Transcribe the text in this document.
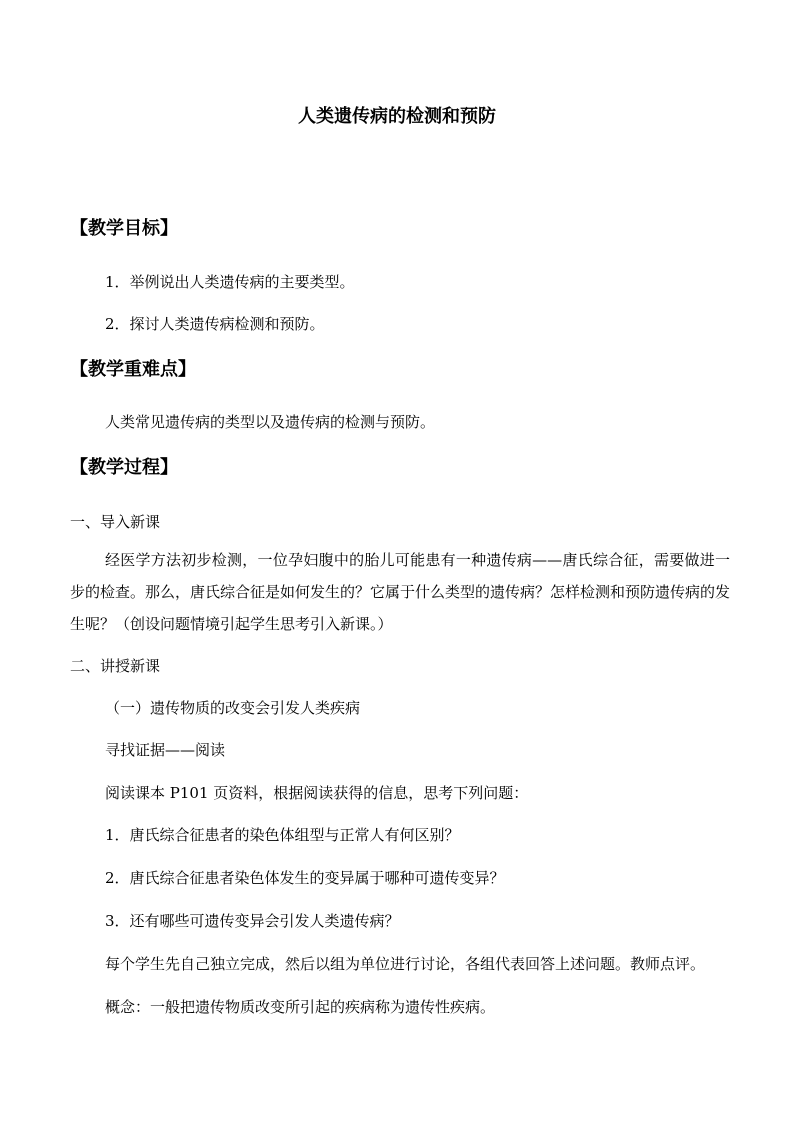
人类遗传病的检测和预防
【教学目标】
1．举例说出人类遗传病的主要类型。
2．探讨人类遗传病检测和预防。
【教学重难点】
人类常见遗传病的类型以及遗传病的检测与预防。
【教学过程】
一、导入新课
经医学方法初步检测，一位孕妇腹中的胎儿可能患有一种遗传病——唐氏综合征，需要做进一步的检查。那么，唐氏综合征是如何发生的？它属于什么类型的遗传病？怎样检测和预防遗传病的发生呢？（创设问题情境引起学生思考引入新课。）
二、讲授新课
（一）遗传物质的改变会引发人类疾病
寻找证据——阅读
阅读课本 P101 页资料，根据阅读获得的信息，思考下列问题：
1．唐氏综合征患者的染色体组型与正常人有何区别？
2．唐氏综合征患者染色体发生的变异属于哪种可遗传变异？
3．还有哪些可遗传变异会引发人类遗传病？
每个学生先自己独立完成，然后以组为单位进行讨论，各组代表回答上述问题。教师点评。
概念：一般把遗传物质改变所引起的疾病称为遗传性疾病。
